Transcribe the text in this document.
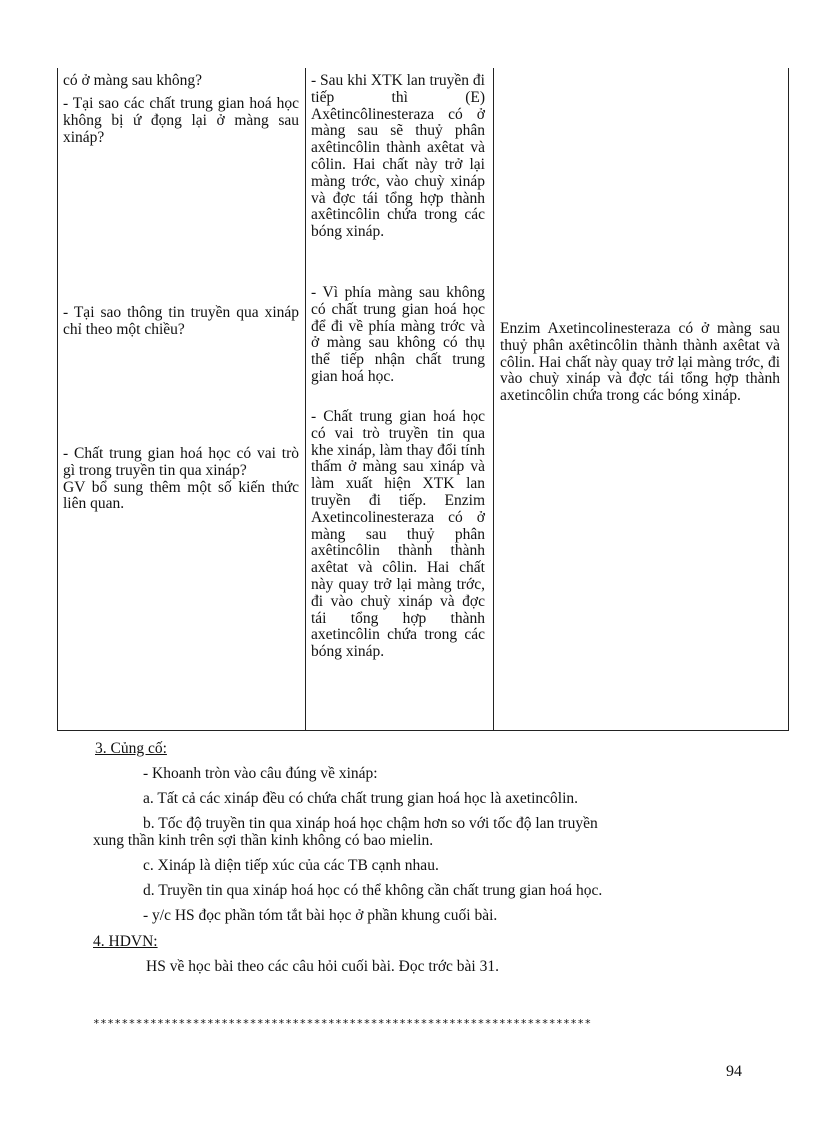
có ở màng sau không?

- Tại sao các chất trung gian hoá học không bị ứ đọng lại ở màng sau xináp?

- Tại sao thông tin truyền qua xináp chỉ theo một chiều?

- Chất trung gian hoá học có vai trò gì trong truyền tin qua xináp?

GV bổ sung thêm một số kiến thức liên quan.

- Sau khi XTK lan truyền đi tiếp thì (E) Axêtincôlinesteraza có ở màng sau sẽ thuỷ phân axêtincôlin thành axêtat và côlin. Hai chất này trở lại màng trớc, vào chuỳ xináp và đợc tái tổng hợp thành axêtincôlin chứa trong các bóng xináp.

- Vì phía màng sau không có chất trung gian hoá học để đi về phía màng trớc và ở màng sau không có thụ thể tiếp nhận chất trung gian hoá học.

- Chất trung gian hoá học có vai trò truyền tin qua khe xináp, làm thay đổi tính thấm ở màng sau xináp và làm xuất hiện XTK lan truyền đi tiếp. Enzim Axetincolinesteraza có ở màng sau thuỷ phân axêtincôlin thành thành axêtat và côlin. Hai chất này quay trở lại màng trớc, đi vào chuỳ xináp và đợc tái tổng hợp thành axetincôlin chứa trong các bóng xináp.

Enzim Axetincolinesteraza có ở màng sau thuỷ phân axêtincôlin thành thành axêtat và côlin. Hai chất này quay trở lại màng trớc, đi vào chuỳ xináp và đợc tái tổng hợp thành axetincôlin chứa trong các bóng xináp.

3. Củng cố:
- Khoanh tròn vào câu đúng về xináp:
a. Tất cả các xináp đều có chứa chất trung gian hoá học là axetincôlin.
b. Tốc độ truyền tin qua xináp hoá học chậm hơn so với tốc độ lan truyền
xung thần kinh trên sợi thần kinh không có bao mielin.
c. Xináp là diện tiếp xúc của các TB cạnh nhau.
d. Truyền tin qua xináp hoá học có thể không cần chất trung gian hoá học.
- y/c HS đọc phần tóm tắt bài học ở phần khung cuối bài.
4. HDVN:
HS về học bài theo các câu hỏi cuối bài. Đọc trớc bài 31.
**********************************************************************
94
